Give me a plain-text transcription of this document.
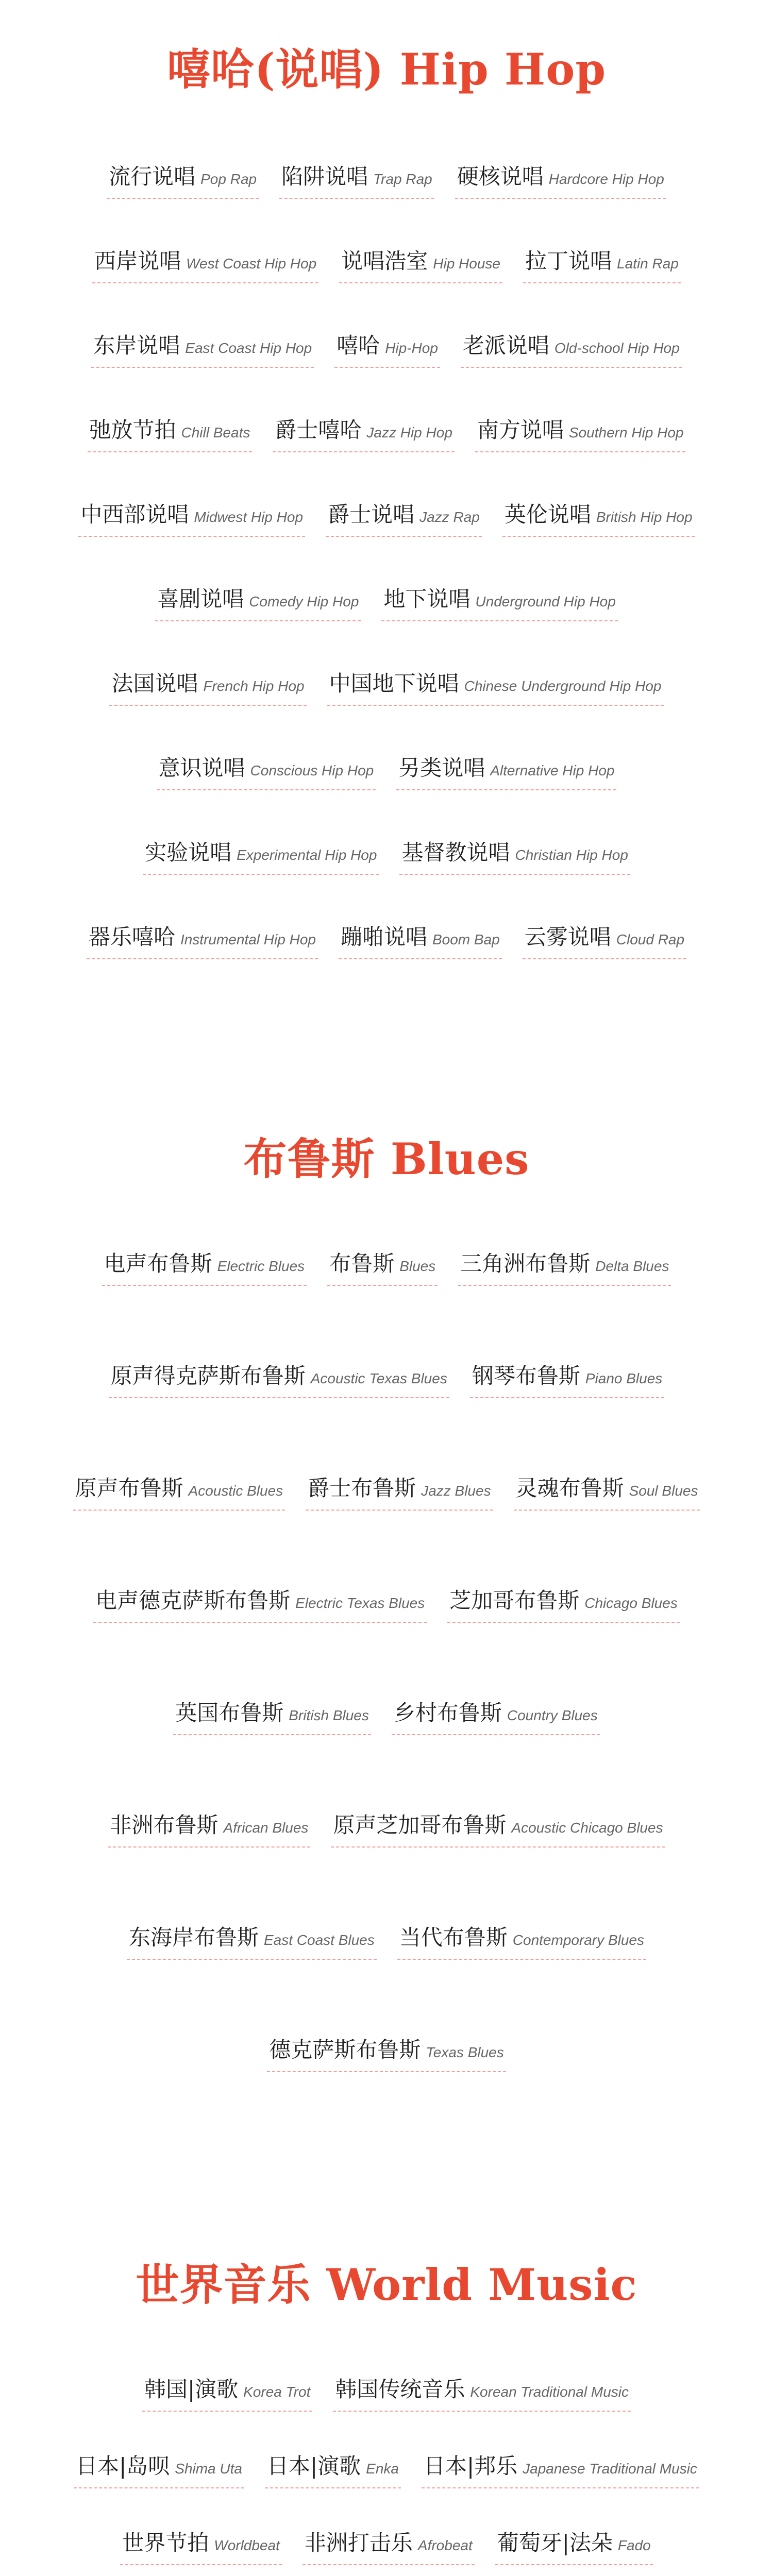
嘻哈(说唱) Hip Hop
流行说唱 Pop Rap 陷阱说唱 Trap Rap 硬核说唱 Hardcore Hip Hop
西岸说唱 West Coast Hip Hop 说唱浩室 Hip House 拉丁说唱 Latin Rap
东岸说唱 East Coast Hip Hop 嘻哈 Hip-Hop 老派说唱 Old-school Hip Hop
弛放节拍 Chill Beats 爵士嘻哈 Jazz Hip Hop 南方说唱 Southern Hip Hop
中西部说唱 Midwest Hip Hop 爵士说唱 Jazz Rap 英伦说唱 British Hip Hop
喜剧说唱 Comedy Hip Hop 地下说唱 Underground Hip Hop
法国说唱 French Hip Hop 中国地下说唱 Chinese Underground Hip Hop
意识说唱 Conscious Hip Hop 另类说唱 Alternative Hip Hop
实验说唱 Experimental Hip Hop 基督教说唱 Christian Hip Hop
器乐嘻哈 Instrumental Hip Hop 蹦啪说唱 Boom Bap 云雾说唱 Cloud Rap
布鲁斯 Blues
电声布鲁斯 Electric Blues 布鲁斯 Blues 三角洲布鲁斯 Delta Blues
原声得克萨斯布鲁斯 Acoustic Texas Blues 钢琴布鲁斯 Piano Blues
原声布鲁斯 Acoustic Blues 爵士布鲁斯 Jazz Blues 灵魂布鲁斯 Soul Blues
电声德克萨斯布鲁斯 Electric Texas Blues 芝加哥布鲁斯 Chicago Blues
英国布鲁斯 British Blues 乡村布鲁斯 Country Blues
非洲布鲁斯 African Blues 原声芝加哥布鲁斯 Acoustic Chicago Blues
东海岸布鲁斯 East Coast Blues 当代布鲁斯 Contemporary Blues
德克萨斯布鲁斯 Texas Blues
世界音乐 World Music
韩国|演歌 Korea Trot 韩国传统音乐 Korean Traditional Music
日本|岛呗 Shima Uta 日本|演歌 Enka 日本|邦乐 Japanese Traditional Music
世界节拍 Worldbeat 非洲打击乐 Afrobeat 葡萄牙|法朵 Fado
